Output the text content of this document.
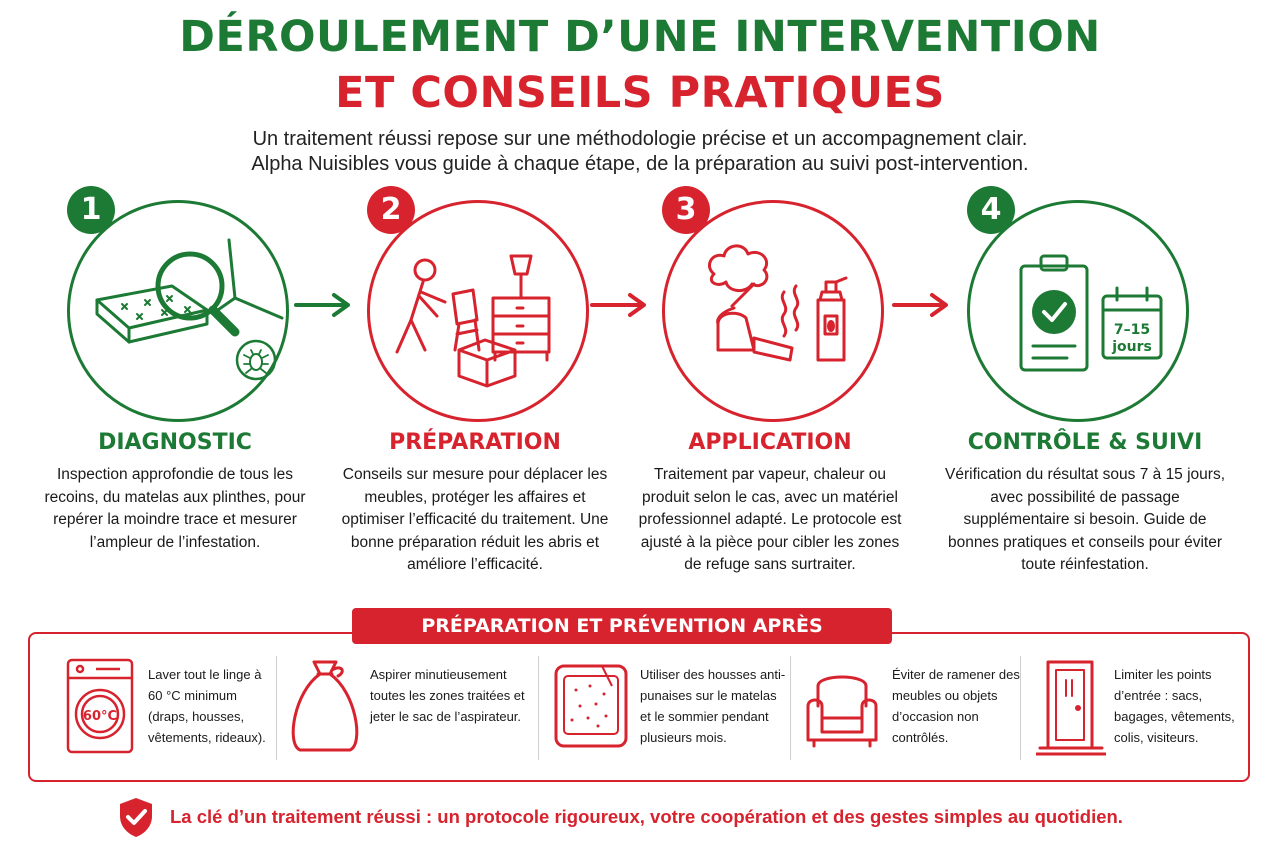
DÉROULEMENT D’UNE INTERVENTION
ET CONSEILS PRATIQUES

Un traitement réussi repose sur une méthodologie précise et un accompagnement clair.

Alpha Nuisibles vous guide à chaque étape, de la préparation au suivi post-intervention.

1
DIAGNOSTIC

Inspection approfondie de tous les recoins, du matelas aux plinthes, pour repérer la moindre trace et mesurer l’ampleur de l’infestation.

2
PRÉPARATION

Conseils sur mesure pour déplacer les meubles, protéger les affaires et optimiser l’efficacité du traitement. Une bonne préparation réduit les abris et améliore l’efficacité.

3
APPLICATION

Traitement par vapeur, chaleur ou produit selon le cas, avec un matériel professionnel adapté. Le protocole est ajusté à la pièce pour cibler les zones de refuge sans surtraiter.

7–15
jours
4
CONTRÔLE & SUIVI

Vérification du résultat sous 7 à 15 jours, avec possibilité de passage supplémentaire si besoin. Guide de bonnes pratiques et conseils pour éviter toute réinfestation.

PRÉPARATION ET PRÉVENTION APRÈS TRAITEMENT
60°C

Laver tout le linge à 60 °C minimum (draps, housses, vêtements, rideaux).

Aspirer minutieusement toutes les zones traitées et jeter le sac de l’aspirateur.

Utiliser des housses anti-punaises sur le matelas et le sommier pendant plusieurs mois.

Éviter de ramener des meubles ou objets d’occasion non contrôlés.

Limiter les points d’entrée : sacs, bagages, vêtements, colis, visiteurs.

La clé d’un traitement réussi : un protocole rigoureux, votre coopération et des gestes simples au quotidien.
